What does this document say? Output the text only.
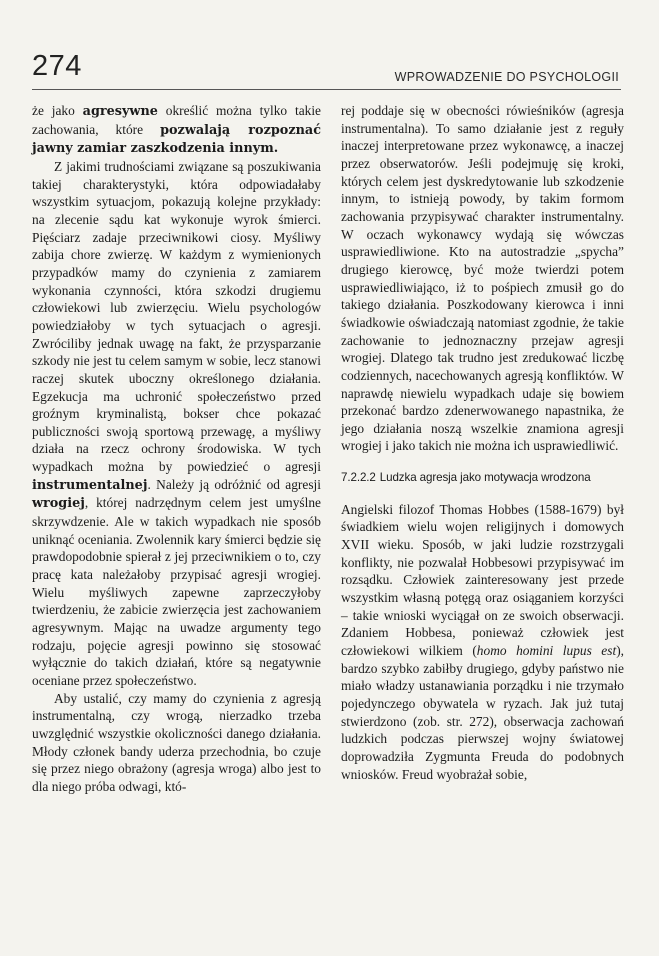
274	WPROWADZENIE DO PSYCHOLOGII

że jako agresywne określić można tylko takie zachowania, które pozwalają rozpoznać jawny zamiar zaszkodzenia innym.

Z jakimi trudnościami związane są poszukiwania takiej charakterystyki, która odpowiadałaby wszystkim sytuacjom, pokazują kolejne przykłady: na zlecenie sądu kat wykonuje wyrok śmierci. Pięściarz zadaje przeciwnikowi ciosy. Myśliwy zabija chore zwierzę. W każdym z wymienionych przypadków mamy do czynienia z zamiarem wykonania czynności, która szkodzi drugiemu człowiekowi lub zwierzęciu. Wielu psychologów powiedziałoby w tych sytuacjach o agresji. Zwróciliby jednak uwagę na fakt, że przysparzanie szkody nie jest tu celem samym w sobie, lecz stanowi raczej skutek uboczny określonego działania. Egzekucja ma uchronić społeczeństwo przed groźnym kryminalistą, bokser chce pokazać publiczności swoją sportową przewagę, a myśliwy działa na rzecz ochrony środowiska. W tych wypadkach można by powiedzieć o agresji instrumentalnej. Należy ją odróżnić od agresji wrogiej, której nadrzędnym celem jest umyślne skrzywdzenie. Ale w takich wypadkach nie sposób uniknąć oceniania. Zwolennik kary śmierci będzie się prawdopodobnie spierał z jej przeciwnikiem o to, czy pracę kata należałoby przypisać agresji wrogiej. Wielu myśliwych zapewne zaprzeczyłoby twierdzeniu, że zabicie zwierzęcia jest zachowaniem agresywnym. Mając na uwadze argumenty tego rodzaju, pojęcie agresji powinno się stosować wyłącznie do takich działań, które są negatywnie oceniane przez społeczeństwo.

Aby ustalić, czy mamy do czynienia z agresją instrumentalną, czy wrogą, nierzadko trzeba uwzględnić wszystkie okoliczności danego działania. Młody członek bandy uderza przechodnia, bo czuje się przez niego obrażony (agresja wroga) albo jest to dla niego próba odwagi, któ-

rej poddaje się w obecności rówieśników (agresja instrumentalna). To samo działanie jest z reguły inaczej interpretowane przez wykonawcę, a inaczej przez obserwatorów. Jeśli podejmuję się kroki, których celem jest dyskredytowanie lub szkodzenie innym, to istnieją powody, by takim formom zachowania przypisywać charakter instrumentalny. W oczach wykonawcy wydają się wówczas usprawiedliwione. Kto na autostradzie „spycha” drugiego kierowcę, być może twierdzi potem usprawiedliwiająco, iż to pośpiech zmusił go do takiego działania. Poszkodowany kierowca i inni świadkowie oświadczają natomiast zgodnie, że takie zachowanie to jednoznaczny przejaw agresji wrogiej. Dlatego tak trudno jest zredukować liczbę codziennych, nacechowanych agresją konfliktów. W naprawdę niewielu wypadkach udaje się bowiem przekonać bardzo zdenerwowanego napastnika, że jego działania noszą wszelkie znamiona agresji wrogiej i jako takich nie można ich usprawiedliwić.

7.2.2.2 Ludzka agresja jako motywacja wrodzona

Angielski filozof Thomas Hobbes (1588-1679) był świadkiem wielu wojen religijnych i domowych XVII wieku. Sposób, w jaki ludzie rozstrzygali konflikty, nie pozwalał Hobbesowi przypisywać im rozsądku. Człowiek zainteresowany jest przede wszystkim własną potęgą oraz osiąganiem korzyści – takie wnioski wyciągał on ze swoich obserwacji. Zdaniem Hobbesa, ponieważ człowiek jest człowiekowi wilkiem (homo homini lupus est), bardzo szybko zabiłby drugiego, gdyby państwo nie miało władzy ustanawiania porządku i nie trzymało pojedynczego obywatela w ryzach. Jak już tutaj stwierdzono (zob. str. 272), obserwacja zachowań ludzkich podczas pierwszej wojny światowej doprowadziła Zygmunta Freuda do podobnych wniosków. Freud wyobrażał sobie,
